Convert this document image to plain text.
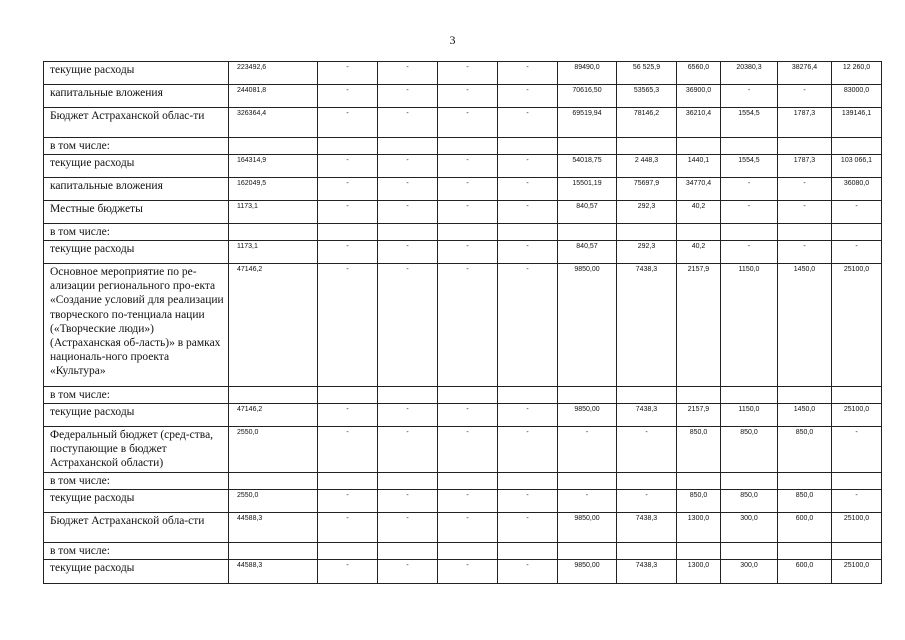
3
текущие расходы	223492,6	-	-	-	-	89490,0	56 525,9	6560,0	20380,3	38276,4	12 260,0
капитальные вложения	244081,8	-	-	-	-	70616,50	53565,3	36900,0	-	-	83000,0
Бюджет Астраханской облас-ти	326364,4	-	-	-	-	69519,94	78146,2	36210,4	1554,5	1787,3	139146,1
в том числе:											
текущие расходы	164314,9	-	-	-	-	54018,75	2 448,3	1440,1	1554,5	1787,3	103 066,1
капитальные вложения	162049,5	-	-	-	-	15501,19	75697,9	34770,4	-	-	36080,0
Местные бюджеты	1173,1	-	-	-	-	840,57	292,3	40,2	-	-	-
в том числе:											
текущие расходы	1173,1	-	-	-	-	840,57	292,3	40,2	-	-	-
Основное мероприятие по ре-ализации регионального про-екта «Создание условий для реализации творческого по-тенциала нации («Творческие люди») (Астраханская об-ласть)» в рамках националь-ного проекта «Культура»	47146,2	-	-	-	-	9850,00	7438,3	2157,9	1150,0	1450,0	25100,0
в том числе:											
текущие расходы	47146,2	-	-	-	-	9850,00	7438,3	2157,9	1150,0	1450,0	25100,0
Федеральный бюджет (сред-ства, поступающие в бюджет Астраханской области)	2550,0	-	-	-	-	-	-	850,0	850,0	850,0	-
в том числе:											
текущие расходы	2550,0	-	-	-	-	-	-	850,0	850,0	850,0	-
Бюджет Астраханской обла-сти	44588,3	-	-	-	-	9850,00	7438,3	1300,0	300,0	600,0	25100,0
в том числе:											
текущие расходы	44588,3	-	-	-	-	9850,00	7438,3	1300,0	300,0	600,0	25100,0
